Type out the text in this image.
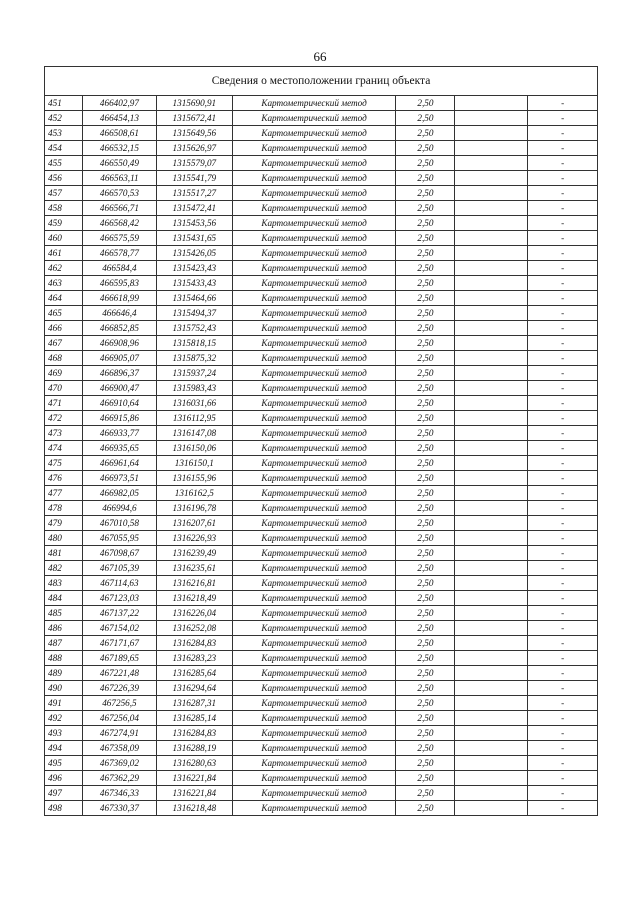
66
Сведения о местоположении границ объекта						
451	466402,97	1315690,91	Картометрический метод	2,50		-
452	466454,13	1315672,41	Картометрический метод	2,50		-
453	466508,61	1315649,56	Картометрический метод	2,50		-
454	466532,15	1315626,97	Картометрический метод	2,50		-
455	466550,49	1315579,07	Картометрический метод	2,50		-
456	466563,11	1315541,79	Картометрический метод	2,50		-
457	466570,53	1315517,27	Картометрический метод	2,50		-
458	466566,71	1315472,41	Картометрический метод	2,50		-
459	466568,42	1315453,56	Картометрический метод	2,50		-
460	466575,59	1315431,65	Картометрический метод	2,50		-
461	466578,77	1315426,05	Картометрический метод	2,50		-
462	466584,4	1315423,43	Картометрический метод	2,50		-
463	466595,83	1315433,43	Картометрический метод	2,50		-
464	466618,99	1315464,66	Картометрический метод	2,50		-
465	466646,4	1315494,37	Картометрический метод	2,50		-
466	466852,85	1315752,43	Картометрический метод	2,50		-
467	466908,96	1315818,15	Картометрический метод	2,50		-
468	466905,07	1315875,32	Картометрический метод	2,50		-
469	466896,37	1315937,24	Картометрический метод	2,50		-
470	466900,47	1315983,43	Картометрический метод	2,50		-
471	466910,64	1316031,66	Картометрический метод	2,50		-
472	466915,86	1316112,95	Картометрический метод	2,50		-
473	466933,77	1316147,08	Картометрический метод	2,50		-
474	466935,65	1316150,06	Картометрический метод	2,50		-
475	466961,64	1316150,1	Картометрический метод	2,50		-
476	466973,51	1316155,96	Картометрический метод	2,50		-
477	466982,05	1316162,5	Картометрический метод	2,50		-
478	466994,6	1316196,78	Картометрический метод	2,50		-
479	467010,58	1316207,61	Картометрический метод	2,50		-
480	467055,95	1316226,93	Картометрический метод	2,50		-
481	467098,67	1316239,49	Картометрический метод	2,50		-
482	467105,39	1316235,61	Картометрический метод	2,50		-
483	467114,63	1316216,81	Картометрический метод	2,50		-
484	467123,03	1316218,49	Картометрический метод	2,50		-
485	467137,22	1316226,04	Картометрический метод	2,50		-
486	467154,02	1316252,08	Картометрический метод	2,50		-
487	467171,67	1316284,83	Картометрический метод	2,50		-
488	467189,65	1316283,23	Картометрический метод	2,50		-
489	467221,48	1316285,64	Картометрический метод	2,50		-
490	467226,39	1316294,64	Картометрический метод	2,50		-
491	467256,5	1316287,31	Картометрический метод	2,50		-
492	467256,04	1316285,14	Картометрический метод	2,50		-
493	467274,91	1316284,83	Картометрический метод	2,50		-
494	467358,09	1316288,19	Картометрический метод	2,50		-
495	467369,02	1316280,63	Картометрический метод	2,50		-
496	467362,29	1316221,84	Картометрический метод	2,50		-
497	467346,33	1316221,84	Картометрический метод	2,50		-
498	467330,37	1316218,48	Картометрический метод	2,50		-
